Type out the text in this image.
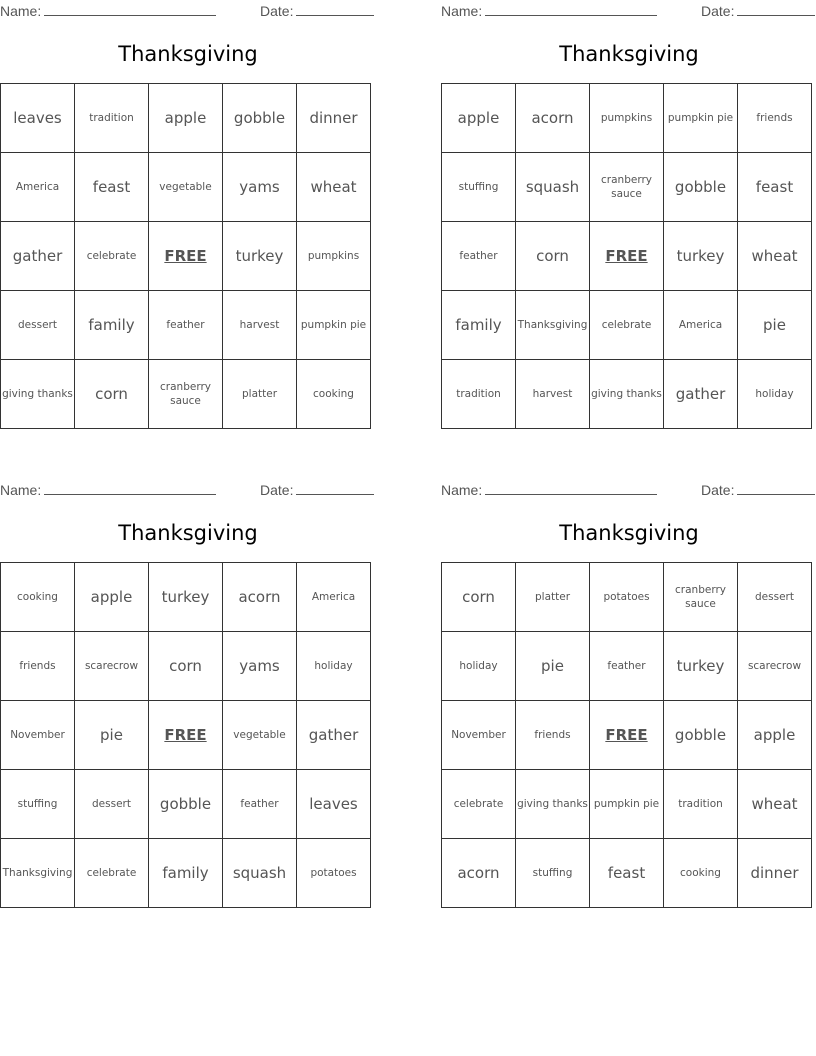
Name:	Date:
Thanksgiving
leaves	tradition	apple	gobble	dinner
America	feast	vegetable	yams	wheat
gather	celebrate	FREE	turkey	pumpkins
dessert	family	feather	harvest	pumpkin pie
giving thanks	corn	cranberry sauce	platter	cooking
Name:	Date:
Thanksgiving
apple	acorn	pumpkins	pumpkin pie	friends
stuffing	squash	cranberry sauce	gobble	feast
feather	corn	FREE	turkey	wheat
family	Thanksgiving	celebrate	America	pie
tradition	harvest	giving thanks	gather	holiday
Name:	Date:
Thanksgiving
cooking	apple	turkey	acorn	America
friends	scarecrow	corn	yams	holiday
November	pie	FREE	vegetable	gather
stuffing	dessert	gobble	feather	leaves
Thanksgiving	celebrate	family	squash	potatoes
Name:	Date:
Thanksgiving
corn	platter	potatoes	cranberry sauce	dessert
holiday	pie	feather	turkey	scarecrow
November	friends	FREE	gobble	apple
celebrate	giving thanks	pumpkin pie	tradition	wheat
acorn	stuffing	feast	cooking	dinner
